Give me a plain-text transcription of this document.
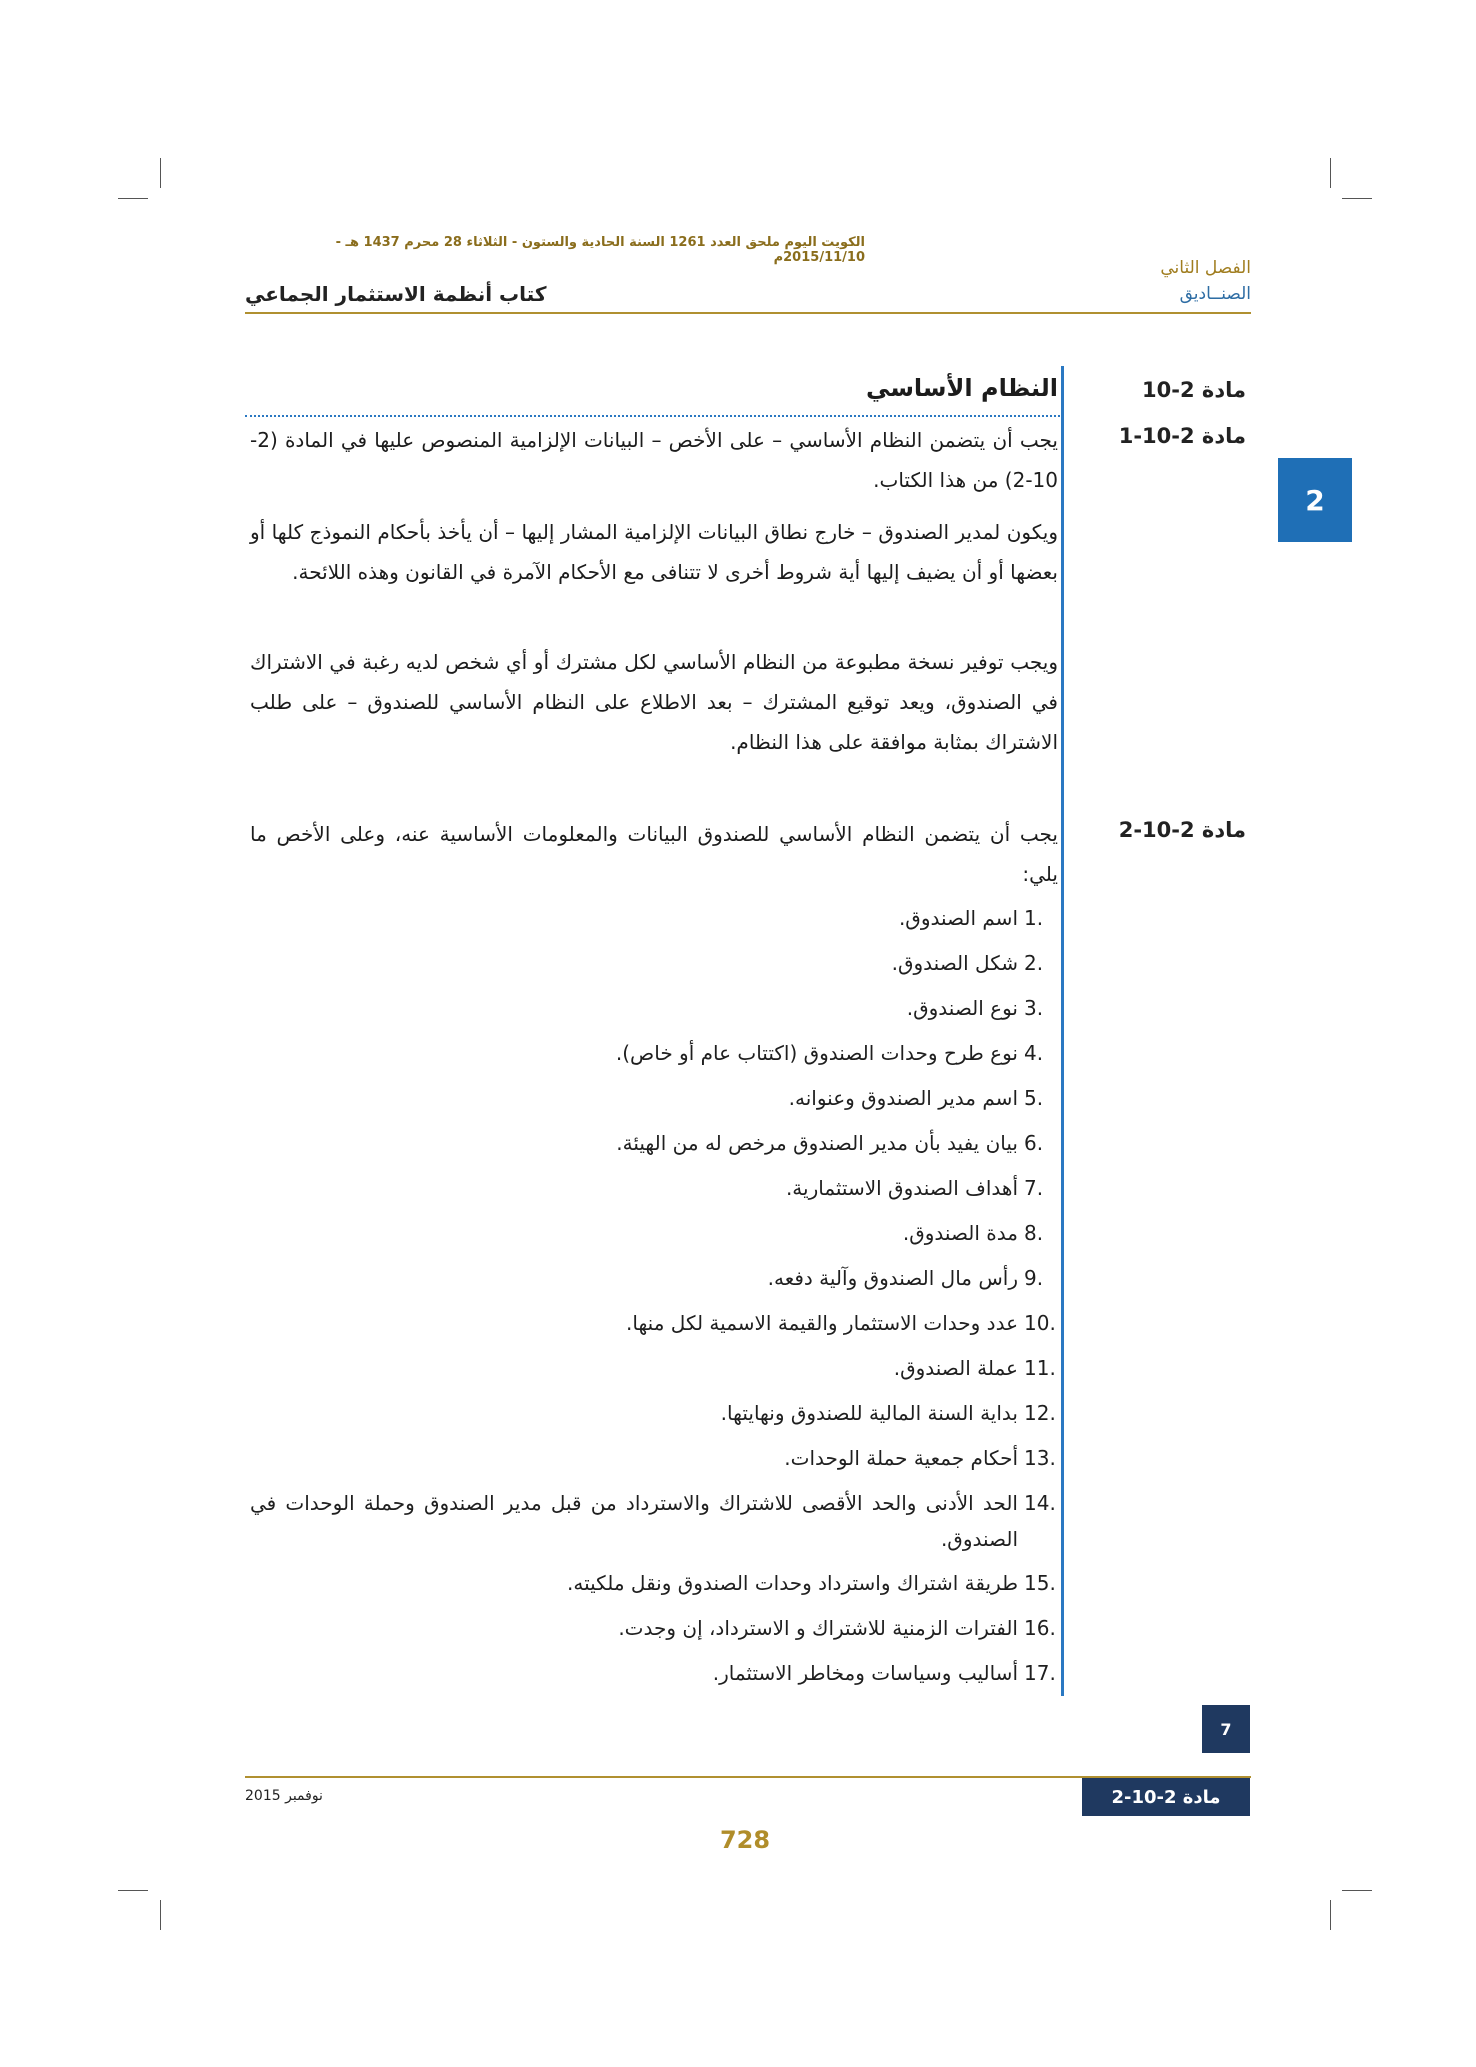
الكويت اليوم ملحق العدد 1261 السنة الحادية والستون - الثلاثاء 28 محرم 1437 هـ - 2015/11/10م
الفصل الثاني
الصنــاديق
كتاب أنظمة الاستثمار الجماعي
2
مادة 2-10
النظام الأساسي
مادة 2-10-1

يجب أن يتضمن النظام الأساسي – على الأخص – البيانات الإلزامية المنصوص عليها في المادة (2-10-2) من هذا الكتاب.

ويكون لمدير الصندوق – خارج نطاق البيانات الإلزامية المشار إليها – أن يأخذ بأحكام النموذج كلها أو بعضها أو أن يضيف إليها أية شروط أخرى لا تتنافى مع الأحكام الآمرة في القانون وهذه اللائحة.

ويجب توفير نسخة مطبوعة من النظام الأساسي لكل مشترك أو أي شخص لديه رغبة في الاشتراك في الصندوق، ويعد توقيع المشترك – بعد الاطلاع على النظام الأساسي للصندوق – على طلب الاشتراك بمثابة موافقة على هذا النظام.

مادة 2-10-2

يجب أن يتضمن النظام الأساسي للصندوق البيانات والمعلومات الأساسية عنه، وعلى الأخص ما يلي:

1.
اسم الصندوق.
2.
شكل الصندوق.
3.
نوع الصندوق.
4.
نوع طرح وحدات الصندوق (اكتتاب عام أو خاص).
5.
اسم مدير الصندوق وعنوانه.
6.
بيان يفيد بأن مدير الصندوق مرخص له من الهيئة.
7.
أهداف الصندوق الاستثمارية.
8.
مدة الصندوق.
9.
رأس مال الصندوق وآلية دفعه.
10.
عدد وحدات الاستثمار والقيمة الاسمية لكل منها.
11.
عملة الصندوق.
12.
بداية السنة المالية للصندوق ونهايتها.
13.
أحكام جمعية حملة الوحدات.
14.
الحد الأدنى والحد الأقصى للاشتراك والاسترداد من قبل مدير الصندوق وحملة الوحدات في الصندوق.
15.
طريقة اشتراك واسترداد وحدات الصندوق ونقل ملكيته.
16.
الفترات الزمنية للاشتراك و الاسترداد، إن وجدت.
17.
أساليب وسياسات ومخاطر الاستثمار.
7
نوفمبر 2015	مادة 2-10-2
728
